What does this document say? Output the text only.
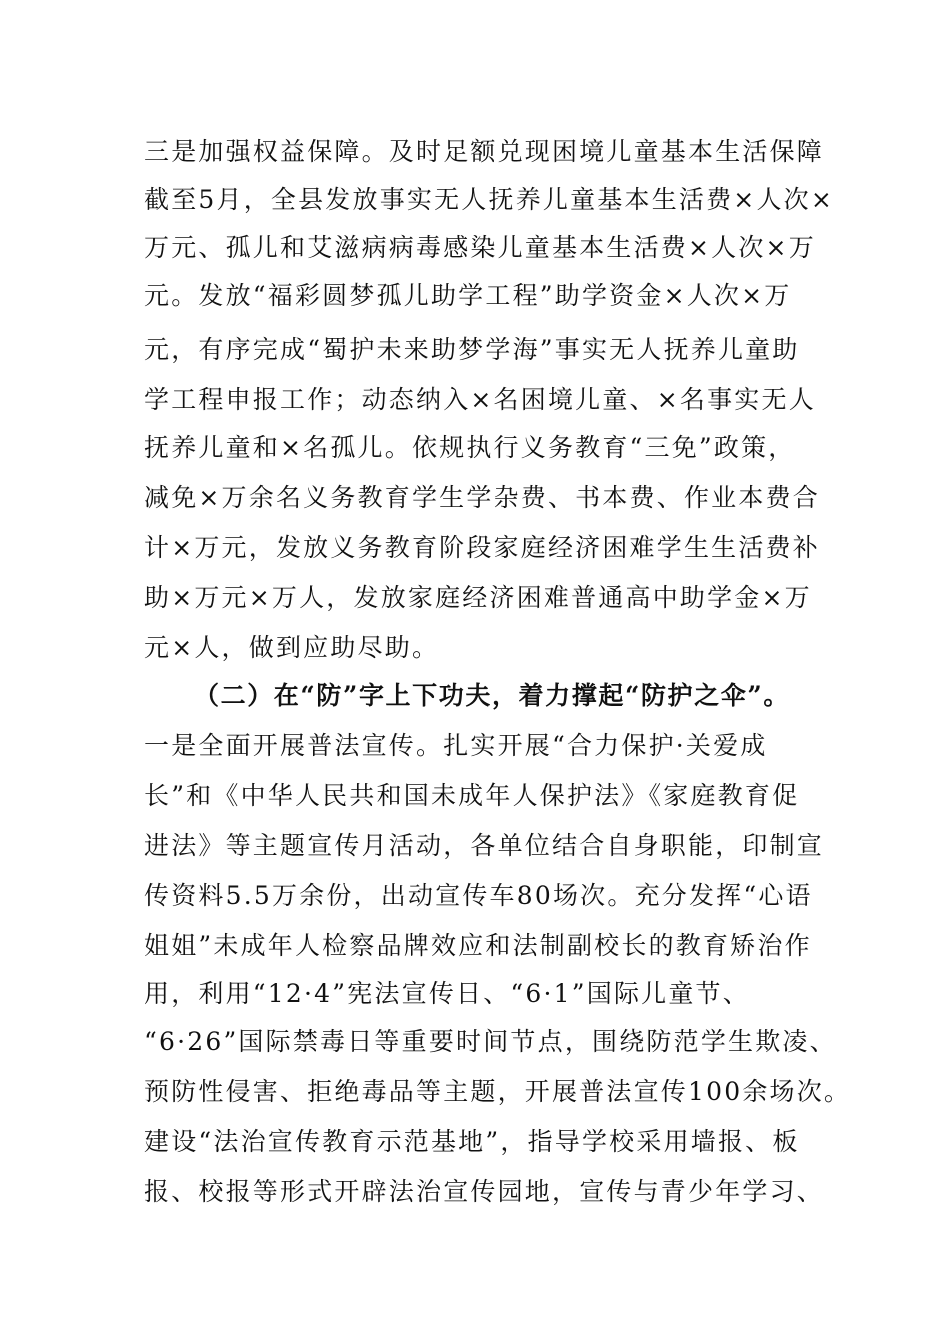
三是加强权益保障。及时足额兑现困境儿童基本生活保障
截至5月，全县发放事实无人抚养儿童基本生活费×人次×
万元、孤儿和艾滋病病毒感染儿童基本生活费×人次×万
元。发放“福彩圆梦孤儿助学工程”助学资金×人次×万
元，有序完成“蜀护未来助梦学海”事实无人抚养儿童助
学工程申报工作；动态纳入×名困境儿童、×名事实无人
抚养儿童和×名孤儿。依规执行义务教育“三免”政策，
减免×万余名义务教育学生学杂费、书本费、作业本费合
计×万元，发放义务教育阶段家庭经济困难学生生活费补
助×万元×万人，发放家庭经济困难普通高中助学金×万
元×人，做到应助尽助。
（二）在“防”字上下功夫，着力撑起“防护之伞”。
一是全面开展普法宣传。扎实开展“合力保护·关爱成
长”和《中华人民共和国未成年人保护法》《家庭教育促
进法》等主题宣传月活动，各单位结合自身职能，印制宣
传资料5.5万余份，出动宣传车80场次。充分发挥“心语
姐姐”未成年人检察品牌效应和法制副校长的教育矫治作
用，利用“12·4”宪法宣传日、“6·1”国际儿童节、
“6·26”国际禁毒日等重要时间节点，围绕防范学生欺凌、
预防性侵害、拒绝毒品等主题，开展普法宣传100余场次。
建设“法治宣传教育示范基地”，指导学校采用墙报、板
报、校报等形式开辟法治宣传园地，宣传与青少年学习、
